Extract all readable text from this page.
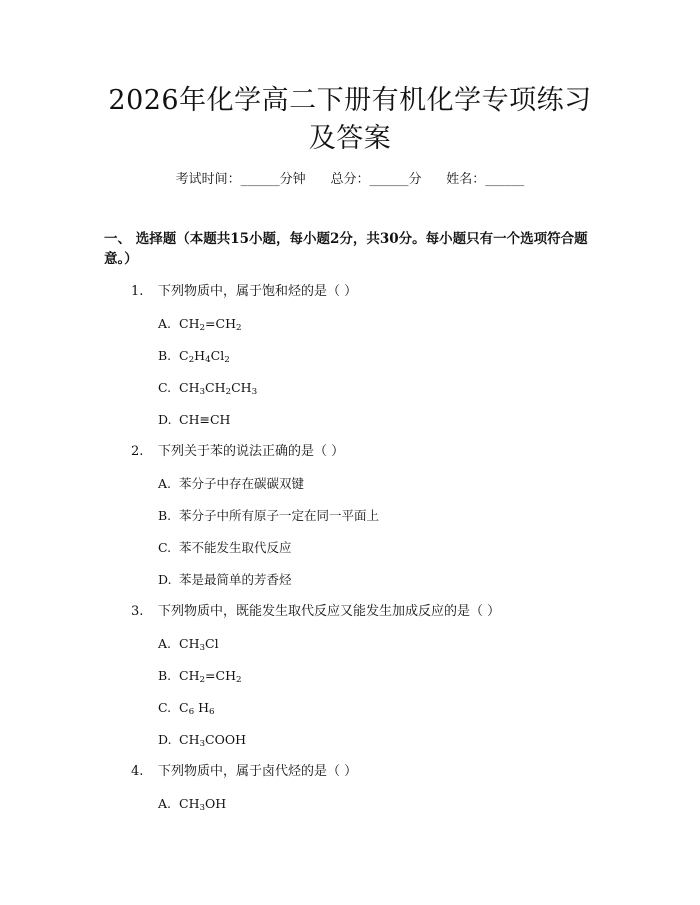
2026年化学高二下册有机化学专项练习及答案
考试时间：______分钟 总分：______分 姓名：______
一、 选择题（本题共15小题，每小题2分，共30分。每小题只有一个选项符合题意。）
1. 下列物质中，属于饱和烃的是（ ）
A. $CH_2=CH_2$
B. $C_2H_4Cl_2$
C. $CH_3CH_2CH_3$
D. CH≡CH
2. 下列关于苯的说法正确的是（ ）
A. 苯分子中存在碳碳双键
B. 苯分子中所有原子一定在同一平面上
C. 苯不能发生取代反应
D. 苯是最简单的芳香烃
3. 下列物质中，既能发生取代反应又能发生加成反应的是（ ）
A. $CH_3Cl$
B. $CH_2=CH_2$
C. $C_6$ $H_6$
D. $CH_3COOH$
4. 下列物质中，属于卤代烃的是（ ）
A. $CH_3OH$
